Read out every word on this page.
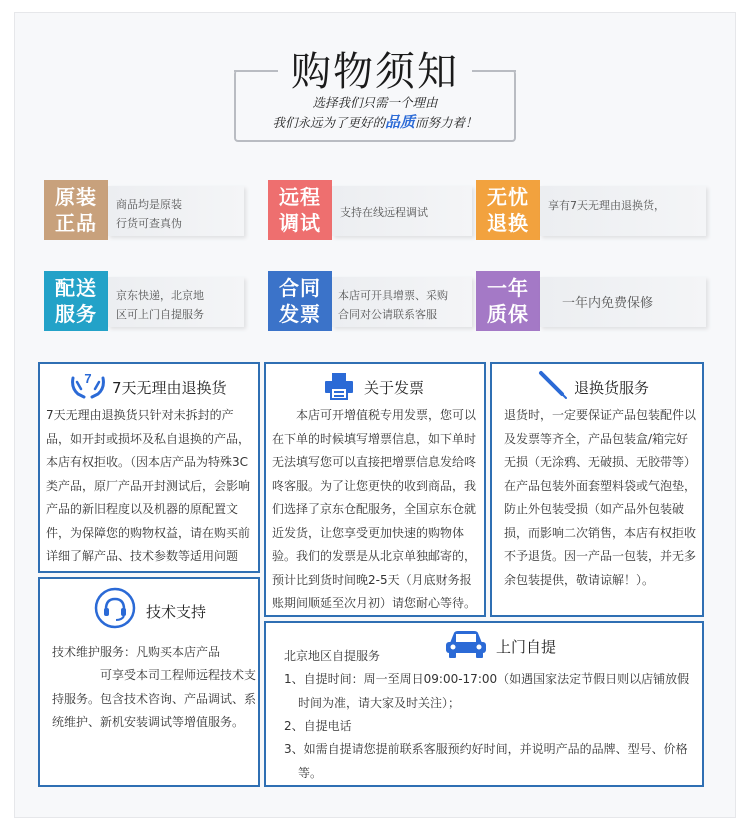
购物须知
选择我们只需一个理由
我们永远为了更好的品质而努力着！
原装
正品
商品均是原装
行货可查真伪
远程
调试	支持在线远程调试
无忧
退换
享有7天无理由退换货，
配送
服务
京东快递，北京地
区可上门自提服务
合同
发票
本店可开具增票、采购
合同对公请联系客服
一年
质保	一年内免费保修
7
7天无理由退换货
7天无理由退换货只针对未拆封的产品，如开封或损坏及私自退换的产品，本店有权拒收。（因本店产品为特殊3C类产品，原厂产品开封测试后，会影响产品的新旧程度以及机器的原配置文件，为保障您的购物权益，请在购买前详细了解产品、技术参数等适用问题
关于发票
本店可开增值税专用发票，您可以在下单的时候填写增票信息，如下单时无法填写您可以直接把增票信息发给咚咚客服。为了让您更快的收到商品，我们选择了京东仓配服务，全国京东仓就近发货，让您享受更加快速的购物体验。我们的发票是从北京单独邮寄的，预计比到货时间晚2-5天（月底财务报账期间顺延至次月初）请您耐心等待。
退换货服务
退货时，一定要保证产品包装配件以及发票等齐全，产品包装盒/箱完好无损（无涂鸦、无破损、无胶带等）在产品包装外面套塑料袋或气泡垫，防止外包装受损（如产品外包装破损，而影响二次销售，本店有权拒收不予退货。因一产品一包装，并无多余包装提供，敬请谅解！）。
技术支持
技术维护服务：凡购买本店产品
可享受本司工程师远程技术支持服务。包含技术咨询、产品调试、系统维护、新机安装调试等增值服务。
上门自提
北京地区自提服务
1、自提时间：周一至周日09:00-17:00（如遇国家法定节假日则以店铺放假时间为准，请大家及时关注）；
2、自提电话
3、如需自提请您提前联系客服预约好时间，并说明产品的品牌、型号、价格等。
